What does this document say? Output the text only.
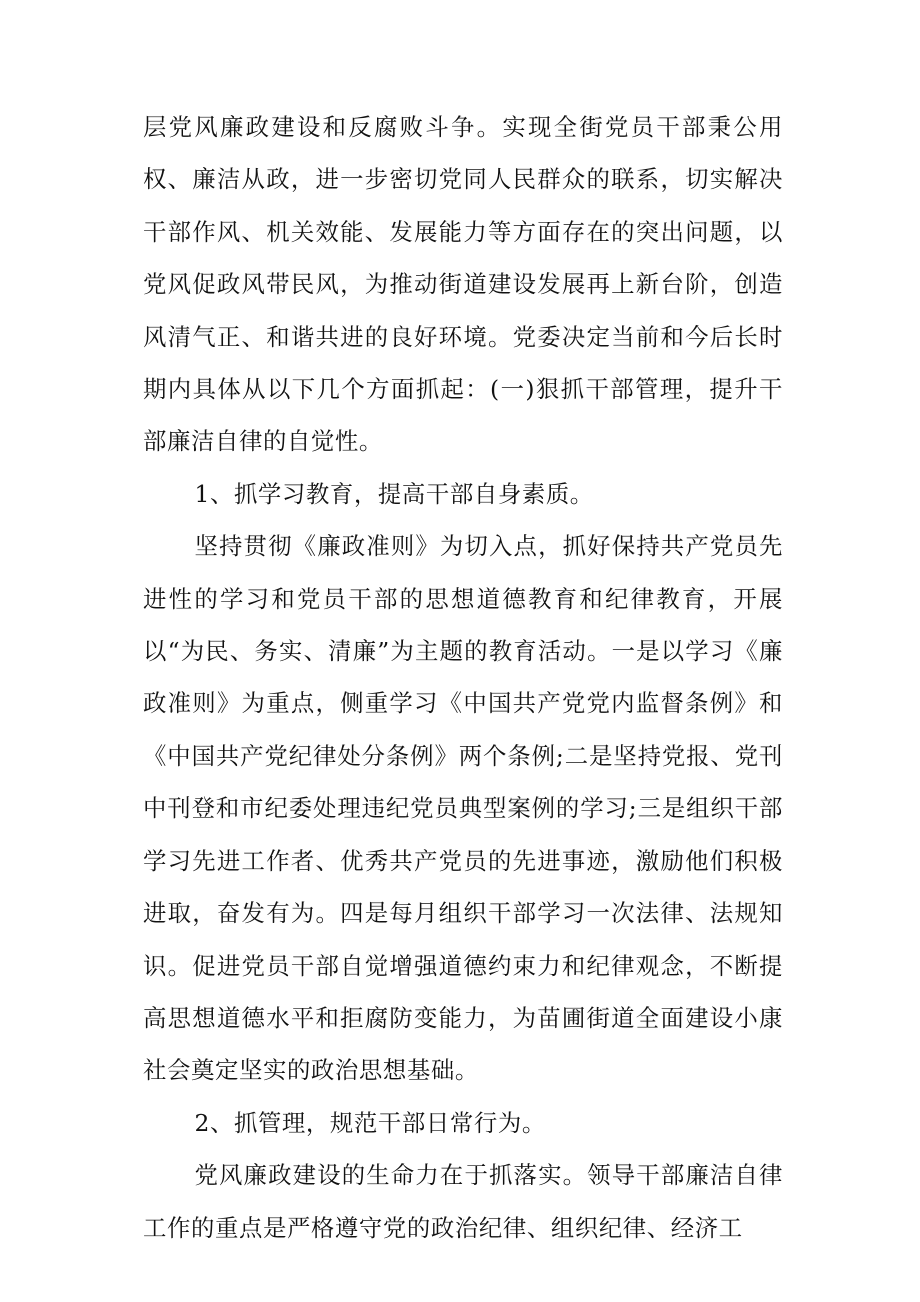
层党风廉政建设和反腐败斗争。实现全街党员干部秉公用权、廉洁从政，进一步密切党同人民群众的联系，切实解决干部作风、机关效能、发展能力等方面存在的突出问题，以党风促政风带民风，为推动街道建设发展再上新台阶，创造风清气正、和谐共进的良好环境。党委决定当前和今后长时期内具体从以下几个方面抓起：(一)狠抓干部管理，提升干部廉洁自律的自觉性。

1、抓学习教育，提高干部自身素质。

坚持贯彻《廉政准则》为切入点，抓好保持共产党员先进性的学习和党员干部的思想道德教育和纪律教育，开展以“为民、务实、清廉”为主题的教育活动。一是以学习《廉政准则》为重点，侧重学习《中国共产党党内监督条例》和《中国共产党纪律处分条例》两个条例;二是坚持党报、党刊中刊登和市纪委处理违纪党员典型案例的学习;三是组织干部学习先进工作者、优秀共产党员的先进事迹，激励他们积极进取，奋发有为。四是每月组织干部学习一次法律、法规知识。促进党员干部自觉增强道德约束力和纪律观念，不断提高思想道德水平和拒腐防变能力，为苗圃街道全面建设小康社会奠定坚实的政治思想基础。

2、抓管理，规范干部日常行为。

党风廉政建设的生命力在于抓落实。领导干部廉洁自律工作的重点是严格遵守党的政治纪律、组织纪律、经济工
